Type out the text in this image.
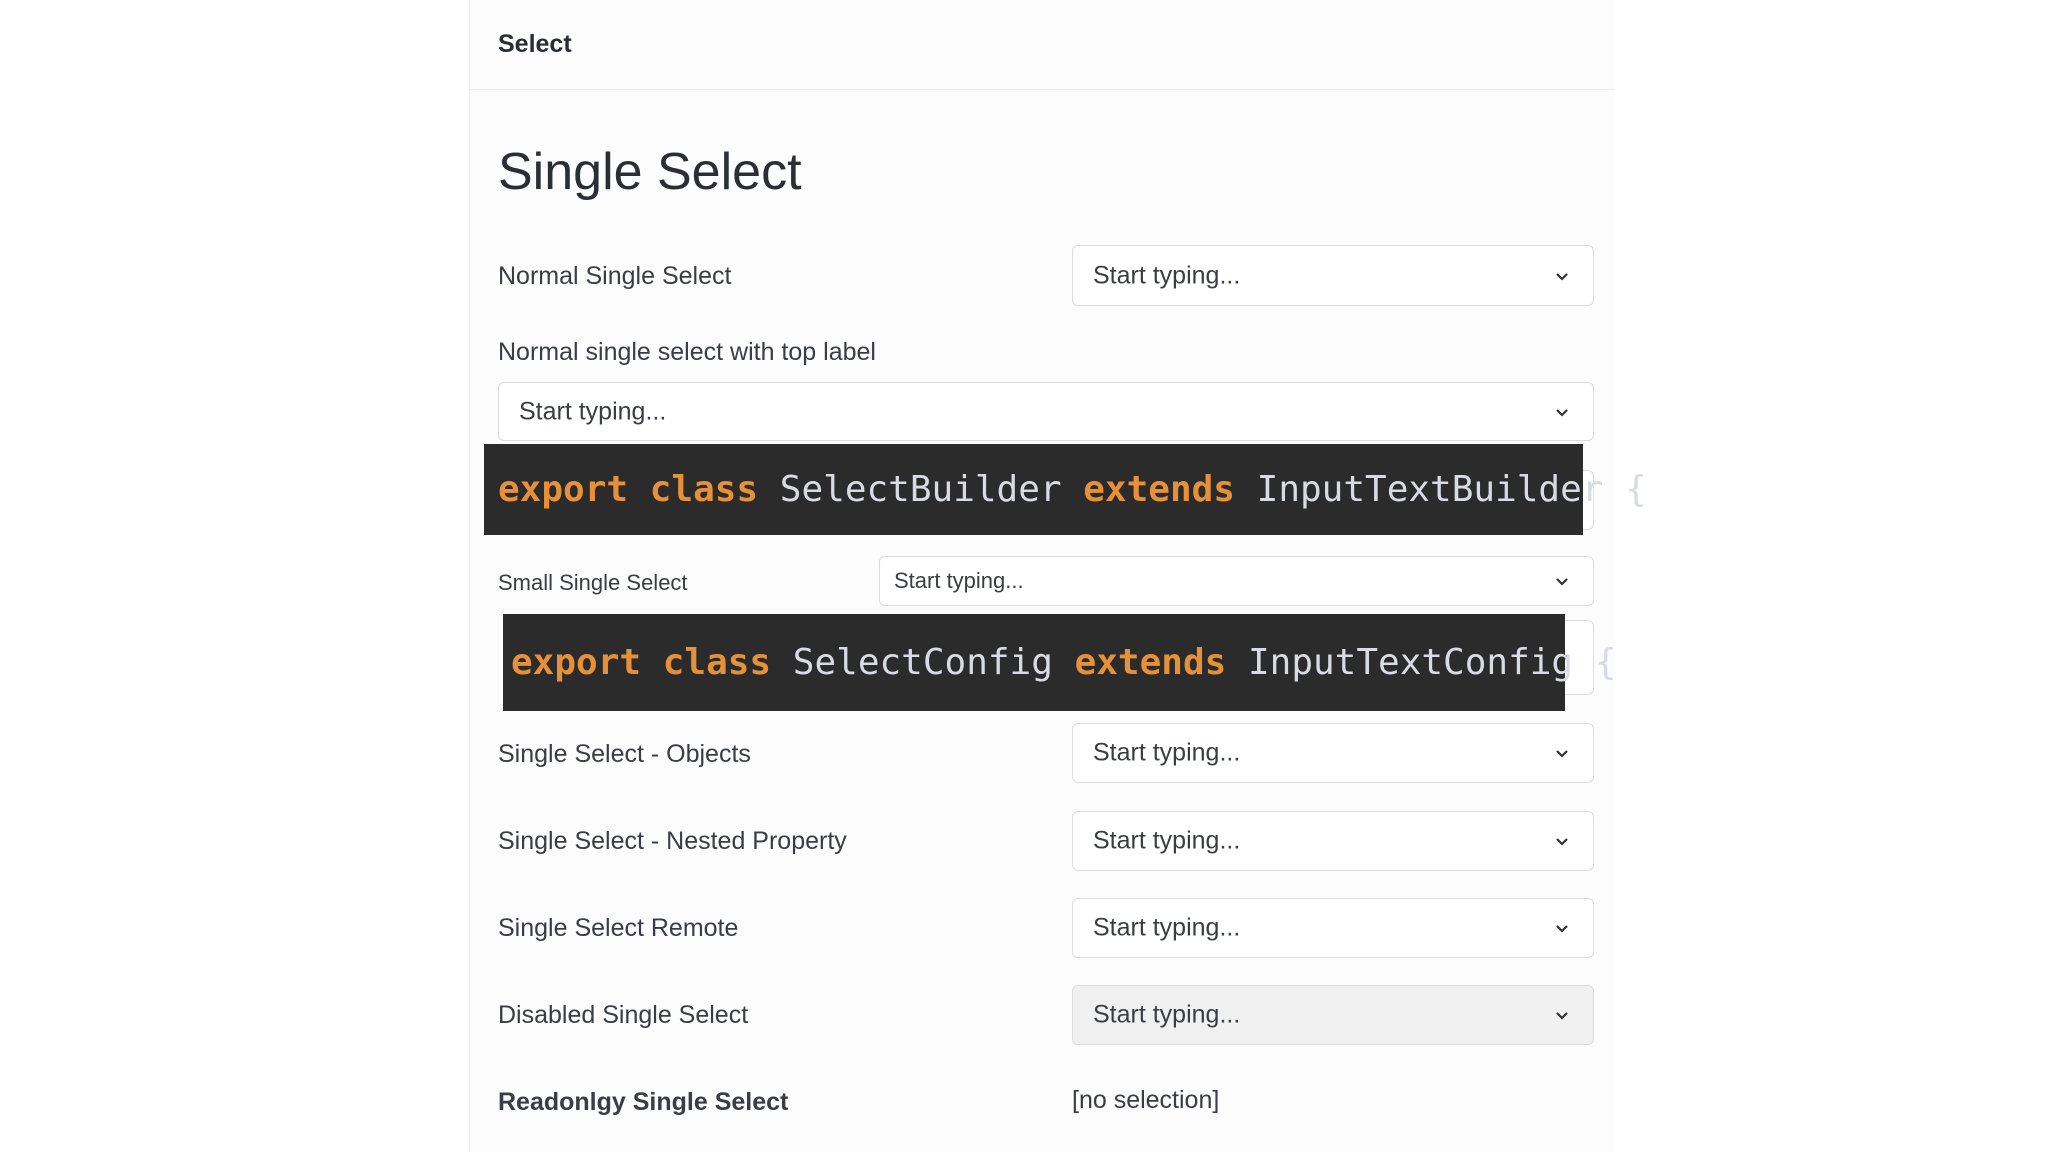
Select
Single Select
Normal Single Select	Start typing...
Normal single select with top label
Start typing...
Small Single Select	Start typing...
Single Select - Objects	Start typing...
Single Select - Nested Property	Start typing...
Single Select Remote	Start typing...
Disabled Single Select	Start typing...
Readonlgy Single Select	[no selection]
export
class
SelectBuilder
extends
InputTextBuilder
{
export
class
SelectConfig
extends
InputTextConfig
{
